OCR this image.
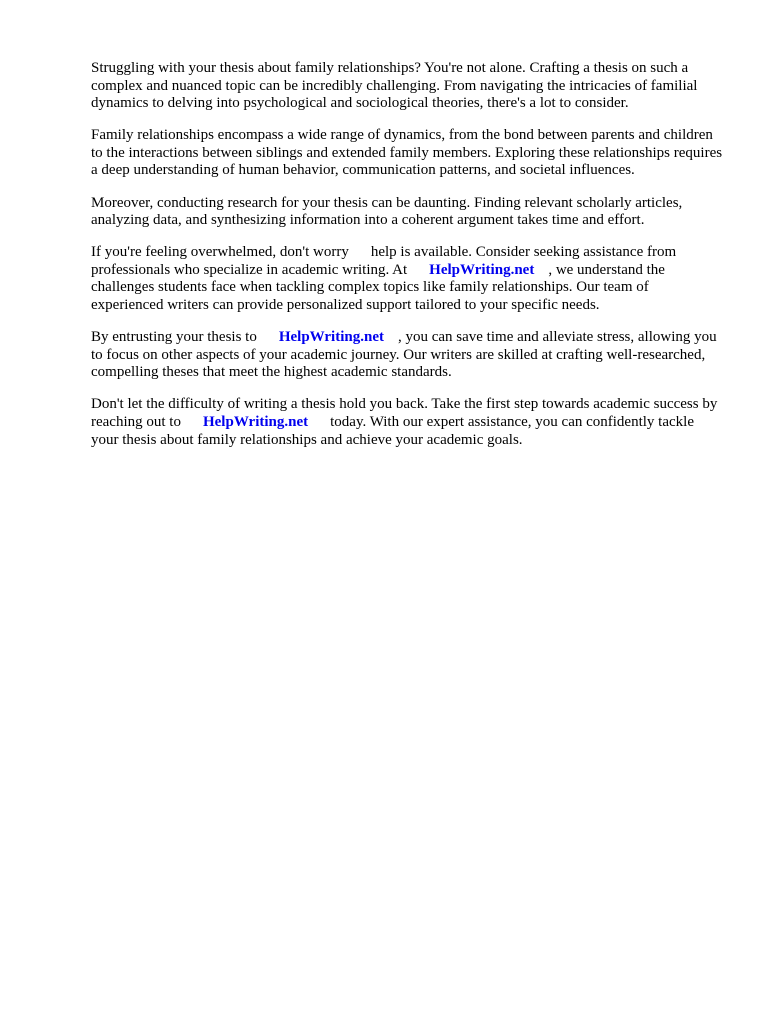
Struggling with your thesis about family relationships? You're not alone. Crafting a thesis on such a complex and nuanced topic can be incredibly challenging. From navigating the intricacies of familial dynamics to delving into psychological and sociological theories, there's a lot to consider.

Family relationships encompass a wide range of dynamics, from the bond between parents and children to the interactions between siblings and extended family members. Exploring these relationships requires a deep understanding of human behavior, communication patterns, and societal influences.

Moreover, conducting research for your thesis can be daunting. Finding relevant scholarly articles, analyzing data, and synthesizing information into a coherent argument takes time and effort.

If you're feeling overwhelmed, don't worry help is available. Consider seeking assistance from professionals who specialize in academic writing. At HelpWriting.net , we understand the challenges students face when tackling complex topics like family relationships. Our team of experienced writers can provide personalized support tailored to your specific needs.

By entrusting your thesis to HelpWriting.net , you can save time and alleviate stress, allowing you to focus on other aspects of your academic journey. Our writers are skilled at crafting well-researched, compelling theses that meet the highest academic standards.

Don't let the difficulty of writing a thesis hold you back. Take the first step towards academic success by reaching out to HelpWriting.net today. With our expert assistance, you can confidently tackle your thesis about family relationships and achieve your academic goals.
